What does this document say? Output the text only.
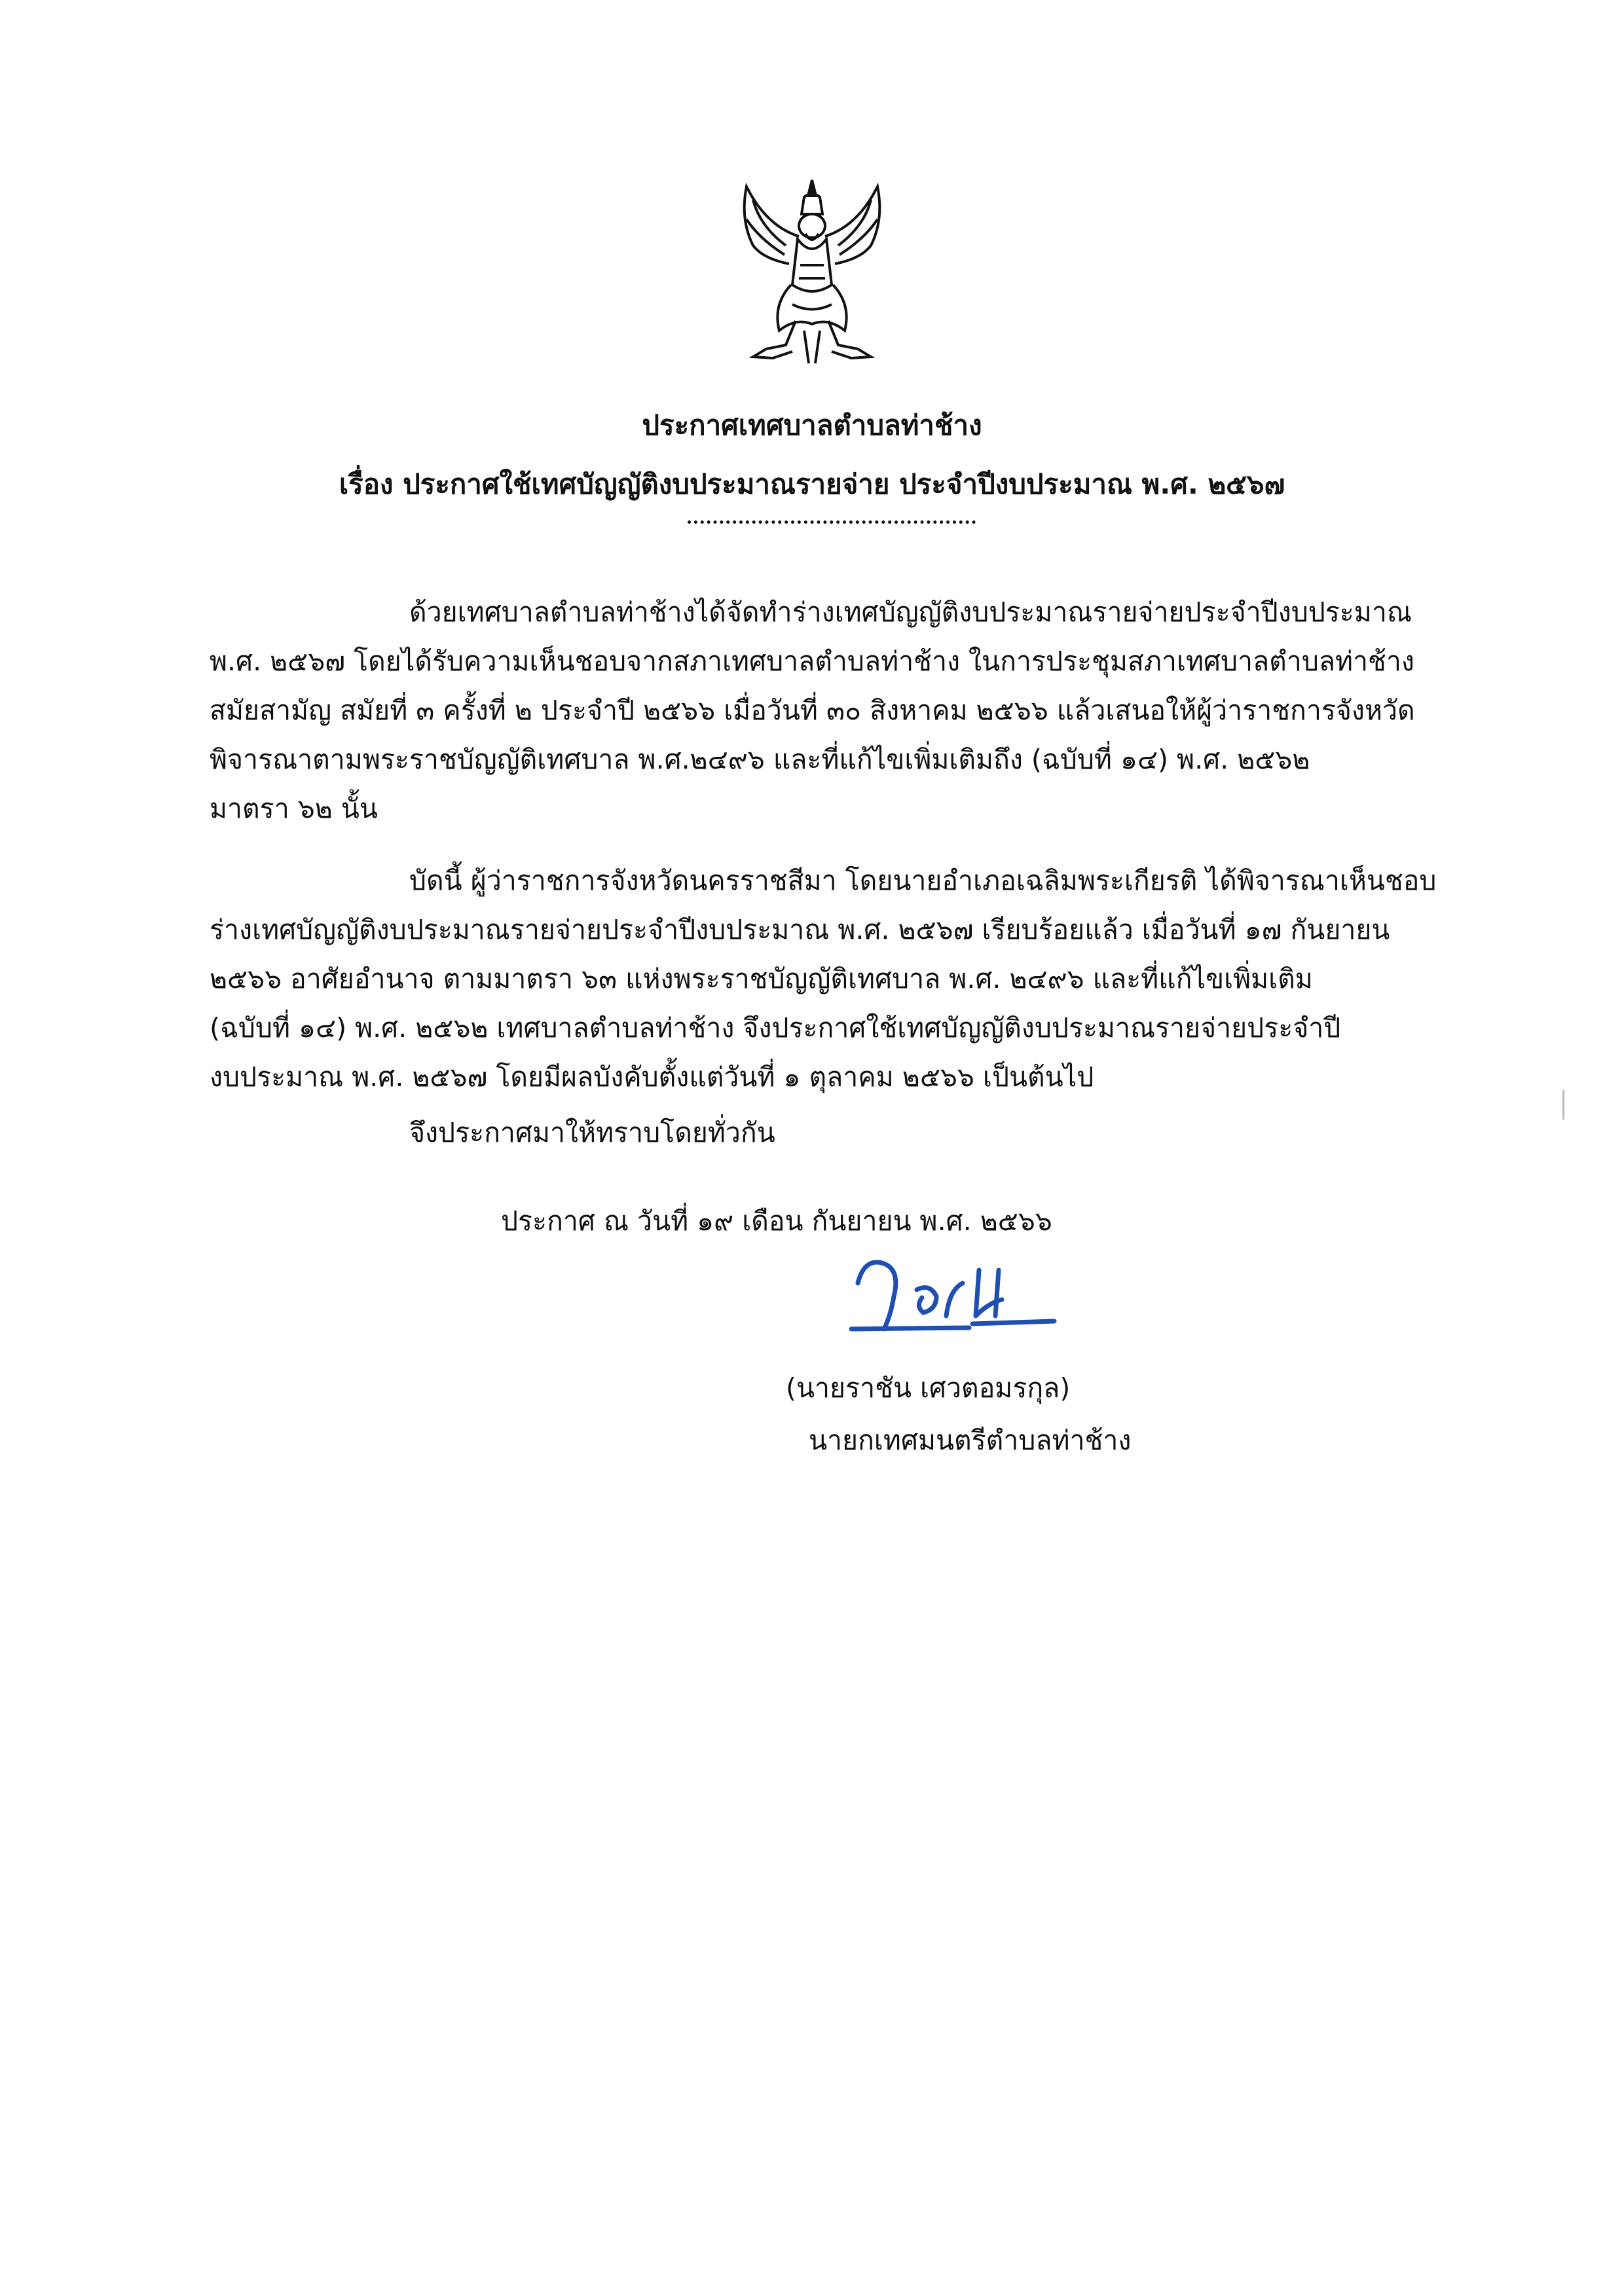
ประกาศเทศบาลตำบลท่าช้าง
เรื่อง ประกาศใช้เทศบัญญัติงบประมาณรายจ่าย ประจำปีงบประมาณ พ.ศ. ๒๕๖๗
ด้วยเทศบาลตำบลท่าช้างได้จัดทำร่างเทศบัญญัติงบประมาณรายจ่ายประจำปีงบประมาณ
พ.ศ. ๒๕๖๗ โดยได้รับความเห็นชอบจากสภาเทศบาลตำบลท่าช้าง ในการประชุมสภาเทศบาลตำบลท่าช้าง
สมัยสามัญ สมัยที่ ๓ ครั้งที่ ๒ ประจำปี ๒๕๖๖ เมื่อวันที่ ๓๐ สิงหาคม ๒๕๖๖ แล้วเสนอให้ผู้ว่าราชการจังหวัด
พิจารณาตามพระราชบัญญัติเทศบาล พ.ศ.๒๔๙๖ และที่แก้ไขเพิ่มเติมถึง (ฉบับที่ ๑๔) พ.ศ. ๒๕๖๒
มาตรา ๖๒ นั้น
บัดนี้ ผู้ว่าราชการจังหวัดนครราชสีมา โดยนายอำเภอเฉลิมพระเกียรติ ได้พิจารณาเห็นชอบ
ร่างเทศบัญญัติงบประมาณรายจ่ายประจำปีงบประมาณ พ.ศ. ๒๕๖๗ เรียบร้อยแล้ว เมื่อวันที่ ๑๗ กันยายน
๒๕๖๖ อาศัยอำนาจ ตามมาตรา ๖๓ แห่งพระราชบัญญัติเทศบาล พ.ศ. ๒๔๙๖ และที่แก้ไขเพิ่มเติม
(ฉบับที่ ๑๔) พ.ศ. ๒๕๖๒ เทศบาลตำบลท่าช้าง จึงประกาศใช้เทศบัญญัติงบประมาณรายจ่ายประจำปี
งบประมาณ พ.ศ. ๒๕๖๗ โดยมีผลบังคับตั้งแต่วันที่ ๑ ตุลาคม ๒๕๖๖ เป็นต้นไป
จึงประกาศมาให้ทราบโดยทั่วกัน
ประกาศ ณ วันที่ ๑๙ เดือน กันยายน พ.ศ. ๒๕๖๖
(นายราชัน เศวตอมรกุล)
นายกเทศมนตรีตำบลท่าช้าง
